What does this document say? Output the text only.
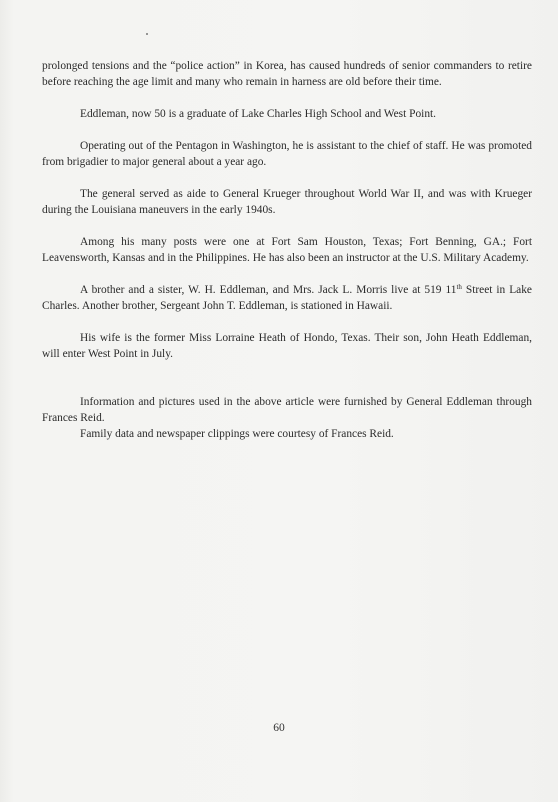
prolonged tensions and the “police action” in Korea, has caused hundreds of senior commanders to retire before reaching the age limit and many who remain in harness are old before their time.

Eddleman, now 50 is a graduate of Lake Charles High School and West Point.

Operating out of the Pentagon in Washington, he is assistant to the chief of staff. He was promoted from brigadier to major general about a year ago.

The general served as aide to General Krueger throughout World War II, and was with Krueger during the Louisiana maneuvers in the early 1940s.

Among his many posts were one at Fort Sam Houston, Texas; Fort Benning, GA.; Fort Leavensworth, Kansas and in the Philippines. He has also been an instructor at the U.S. Military Academy.

A brother and a sister, W. H. Eddleman, and Mrs. Jack L. Morris live at 519 11th Street in Lake Charles. Another brother, Sergeant John T. Eddleman, is stationed in Hawaii.

His wife is the former Miss Lorraine Heath of Hondo, Texas. Their son, John Heath Eddleman, will enter West Point in July.

Information and pictures used in the above article were furnished by General Eddleman through Frances Reid.

Family data and newspaper clippings were courtesy of Frances Reid.

60
